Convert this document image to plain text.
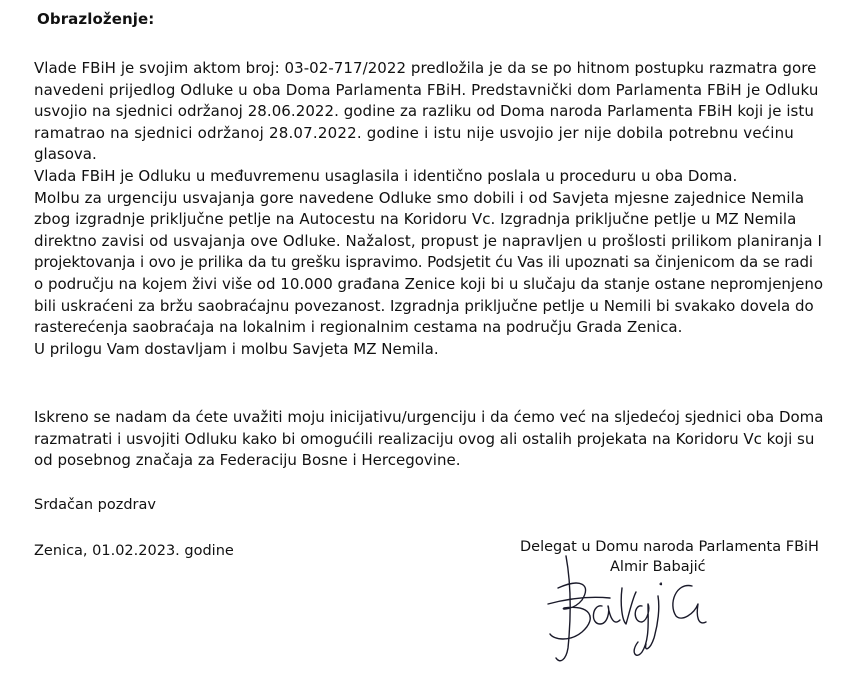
Obrazloženje:
Vlade FBiH je svojim aktom broj: 03-02-717/2022 predložila je da se po hitnom postupku razmatra gore
navedeni prijedlog Odluke u oba Doma Parlamenta FBiH. Predstavnički dom Parlamenta FBiH je Odluku
usvojio na sjednici održanoj 28.06.2022. godine za razliku od Doma naroda Parlamenta FBiH koji je istu
ramatrao na sjednici održanoj 28.07.2022. godine i istu nije usvojio jer nije dobila potrebnu većinu
glasova.
Vlada FBiH je Odluku u međuvremenu usaglasila i identično poslala u proceduru u oba Doma.
Molbu za urgenciju usvajanja gore navedene Odluke smo dobili i od Savjeta mjesne zajednice Nemila
zbog izgradnje priključne petlje na Autocestu na Koridoru Vc. Izgradnja priključne petlje u MZ Nemila
direktno zavisi od usvajanja ove Odluke. Nažalost, propust je napravljen u prošlosti prilikom planiranja I
projektovanja i ovo je prilika da tu grešku ispravimo. Podsjetit ću Vas ili upoznati sa činjenicom da se radi
o području na kojem živi više od 10.000 građana Zenice koji bi u slučaju da stanje ostane nepromjenjeno
bili uskraćeni za bržu saobraćajnu povezanost. Izgradnja priključne petlje u Nemili bi svakako dovela do
rasterećenja saobraćaja na lokalnim i regionalnim cestama na području Grada Zenica.
U prilogu Vam dostavljam i molbu Savjeta MZ Nemila.
Iskreno se nadam da ćete uvažiti moju inicijativu/urgenciju i da ćemo već na sljedećoj sjednici oba Doma
razmatrati i usvojiti Odluku kako bi omogućili realizaciju ovog ali ostalih projekata na Koridoru Vc koji su
od posebnog značaja za Federaciju Bosne i Hercegovine.
Srdačan pozdrav
Zenica, 01.02.2023. godine	Delegat u Domu naroda Parlamenta FBiH
Almir Babajić
